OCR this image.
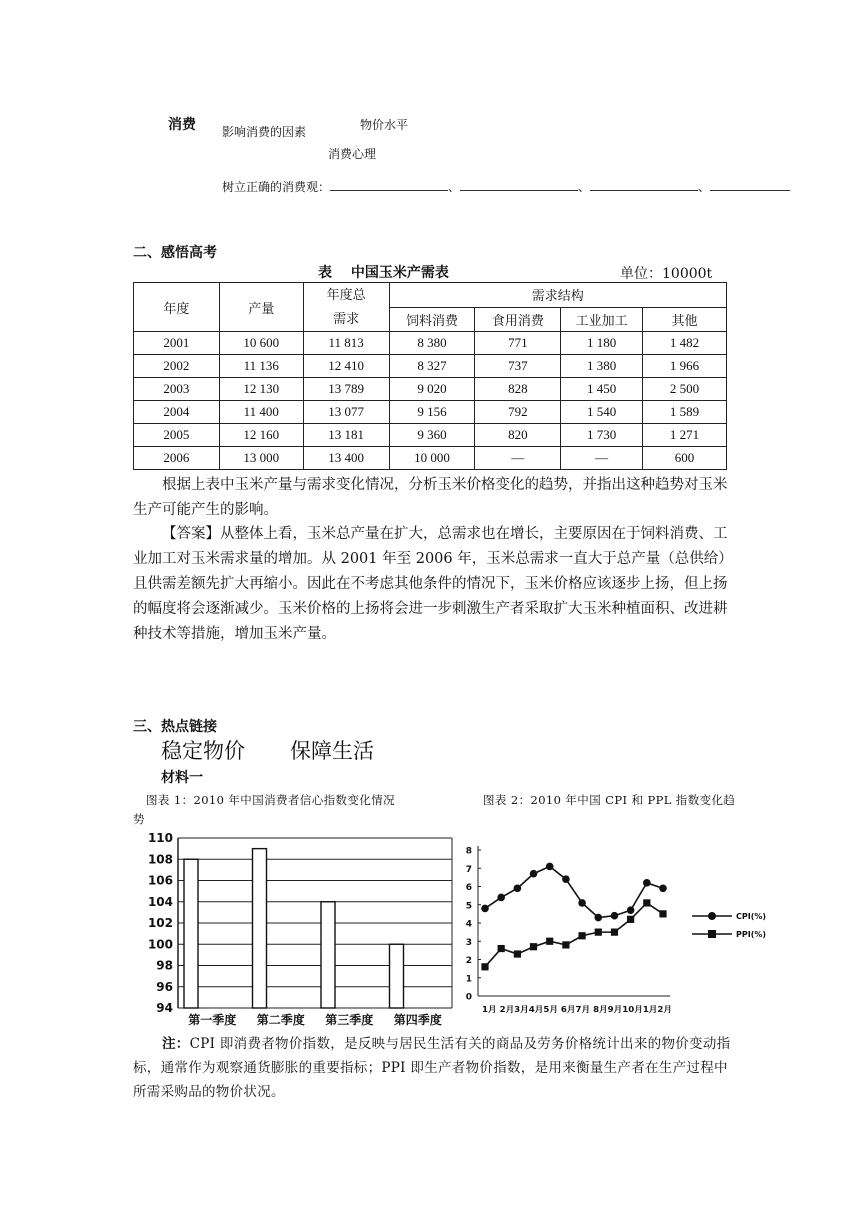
消费 影响消费的因素	物价水平
消费心理
树立正确的消费观：	、	、	、
二、感悟高考
表　 中国玉米产需表	单位：10000t
年度	产量	年度总需求	需求结构			
			饲料消费	食用消费	工业加工	其他
2001	10 600	11 813	8 380	771	1 180	1 482
2002	11 136	12 410	8 327	737	1 380	1 966
2003	12 130	13 789	9 020	828	1 450	2 500
2004	11 400	13 077	9 156	792	1 540	1 589
2005	12 160	13 181	9 360	820	1 730	1 271
2006	13 000	13 400	10 000	—	—	600
根据上表中玉米产量与需求变化情况，分析玉米价格变化的趋势，并指出这种趋势对玉米生产可能产生的影响。
【答案】从整体上看，玉米总产量在扩大，总需求也在增长，主要原因在于饲料消费、工业加工对玉米需求量的增加。从 2001 年至 2006 年，玉米总需求一直大于总产量（总供给）且供需差额先扩大再缩小。因此在不考虑其他条件的情况下，玉米价格应该逐步上扬，但上扬的幅度将会逐渐减少。玉米价格的上扬将会进一步刺激生产者采取扩大玉米种植面积、改进耕种技术等措施，增加玉米产量。
三、热点链接
稳定物价 保障生活
材料一
图表 1：2010 年中国消费者信心指数变化情况	图表 2：2010 年中国 CPI 和 PPL 指数变化趋
势
94
96
98
100
102
104
106
108
110
第一季度 第二季度 第三季度 第四季度
0
1
2
3
4
5
6
7
8
1月 2月3月4月5月 6月7月 8月9月10月1月2月
CPI(%)
PPI(%)
注：CPI 即消费者物价指数，是反映与居民生活有关的商品及劳务价格统计出来的物价变动指标，通常作为观察通货膨胀的重要指标；PPI 即生产者物价指数，是用来衡量生产者在生产过程中所需采购品的物价状况。
